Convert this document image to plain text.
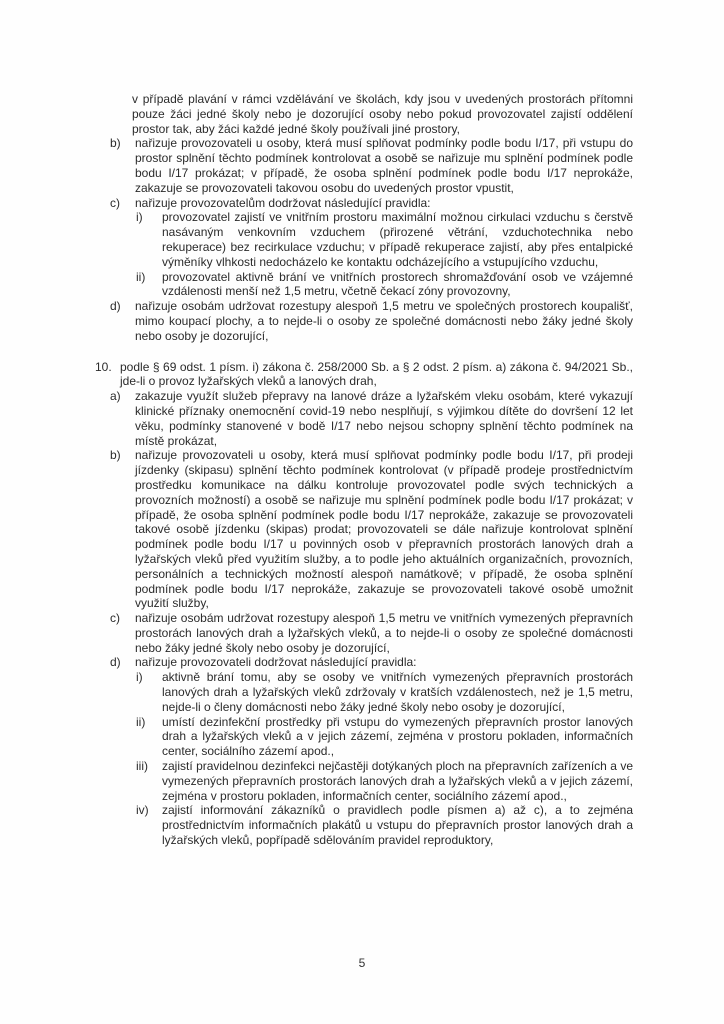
v případě plavání v rámci vzdělávání ve školách, kdy jsou v uvedených prostorách přítomni pouze žáci jedné školy nebo je dozorující osoby nebo pokud provozovatel zajistí oddělení prostor tak, aby žáci každé jedné školy používali jiné prostory,
b) nařizuje provozovateli u osoby, která musí splňovat podmínky podle bodu I/17, při vstupu do prostor splnění těchto podmínek kontrolovat a osobě se nařizuje mu splnění podmínek podle bodu I/17 prokázat; v případě, že osoba splnění podmínek podle bodu I/17 neprokáže, zakazuje se provozovateli takovou osobu do uvedených prostor vpustit,
c) nařizuje provozovatelům dodržovat následující pravidla:
i) provozovatel zajistí ve vnitřním prostoru maximální možnou cirkulaci vzduchu s čerstvě nasávaným venkovním vzduchem (přirozené větrání, vzduchotechnika nebo rekuperace) bez recirkulace vzduchu; v případě rekuperace zajistí, aby přes entalpické výměníky vlhkosti nedocházelo ke kontaktu odcházejícího a vstupujícího vzduchu,
ii) provozovatel aktivně brání ve vnitřních prostorech shromažďování osob ve vzájemné vzdálenosti menší než 1,5 metru, včetně čekací zóny provozovny,
d) nařizuje osobám udržovat rozestupy alespoň 1,5 metru ve společných prostorech koupališť, mimo koupací plochy, a to nejde-li o osoby ze společné domácnosti nebo žáky jedné školy nebo osoby je dozorující,
10. podle § 69 odst. 1 písm. i) zákona č. 258/2000 Sb. a § 2 odst. 2 písm. a) zákona č. 94/2021 Sb., jde-li o provoz lyžařských vleků a lanových drah,
a) zakazuje využít služeb přepravy na lanové dráze a lyžařském vleku osobám, které vykazují klinické příznaky onemocnění covid-19 nebo nesplňují, s výjimkou dítěte do dovršení 12 let věku, podmínky stanovené v bodě I/17 nebo nejsou schopny splnění těchto podmínek na místě prokázat,
b) nařizuje provozovateli u osoby, která musí splňovat podmínky podle bodu I/17, při prodeji jízdenky (skipasu) splnění těchto podmínek kontrolovat (v případě prodeje prostřednictvím prostředku komunikace na dálku kontroluje provozovatel podle svých technických a provozních možností) a osobě se nařizuje mu splnění podmínek podle bodu I/17 prokázat; v případě, že osoba splnění podmínek podle bodu I/17 neprokáže, zakazuje se provozovateli takové osobě jízdenku (skipas) prodat; provozovateli se dále nařizuje kontrolovat splnění podmínek podle bodu I/17 u povinných osob v přepravních prostorách lanových drah a lyžařských vleků před využitím služby, a to podle jeho aktuálních organizačních, provozních, personálních a technických možností alespoň namátkově; v případě, že osoba splnění podmínek podle bodu I/17 neprokáže, zakazuje se provozovateli takové osobě umožnit využití služby,
c) nařizuje osobám udržovat rozestupy alespoň 1,5 metru ve vnitřních vymezených přepravních prostorách lanových drah a lyžařských vleků, a to nejde-li o osoby ze společné domácnosti nebo žáky jedné školy nebo osoby je dozorující,
d) nařizuje provozovateli dodržovat následující pravidla:
i) aktivně brání tomu, aby se osoby ve vnitřních vymezených přepravních prostorách lanových drah a lyžařských vleků zdržovaly v kratších vzdálenostech, než je 1,5 metru, nejde-li o členy domácnosti nebo žáky jedné školy nebo osoby je dozorující,
ii) umístí dezinfekční prostředky při vstupu do vymezených přepravních prostor lanových drah a lyžařských vleků a v jejich zázemí, zejména v prostoru pokladen, informačních center, sociálního zázemí apod.,
iii) zajistí pravidelnou dezinfekci nejčastěji dotýkaných ploch na přepravních zařízeních a ve vymezených přepravních prostorách lanových drah a lyžařských vleků a v jejich zázemí, zejména v prostoru pokladen, informačních center, sociálního zázemí apod.,
iv) zajistí informování zákazníků o pravidlech podle písmen a) až c), a to zejména prostřednictvím informačních plakátů u vstupu do přepravních prostor lanových drah a lyžařských vleků, popřípadě sdělováním pravidel reproduktory,
5
